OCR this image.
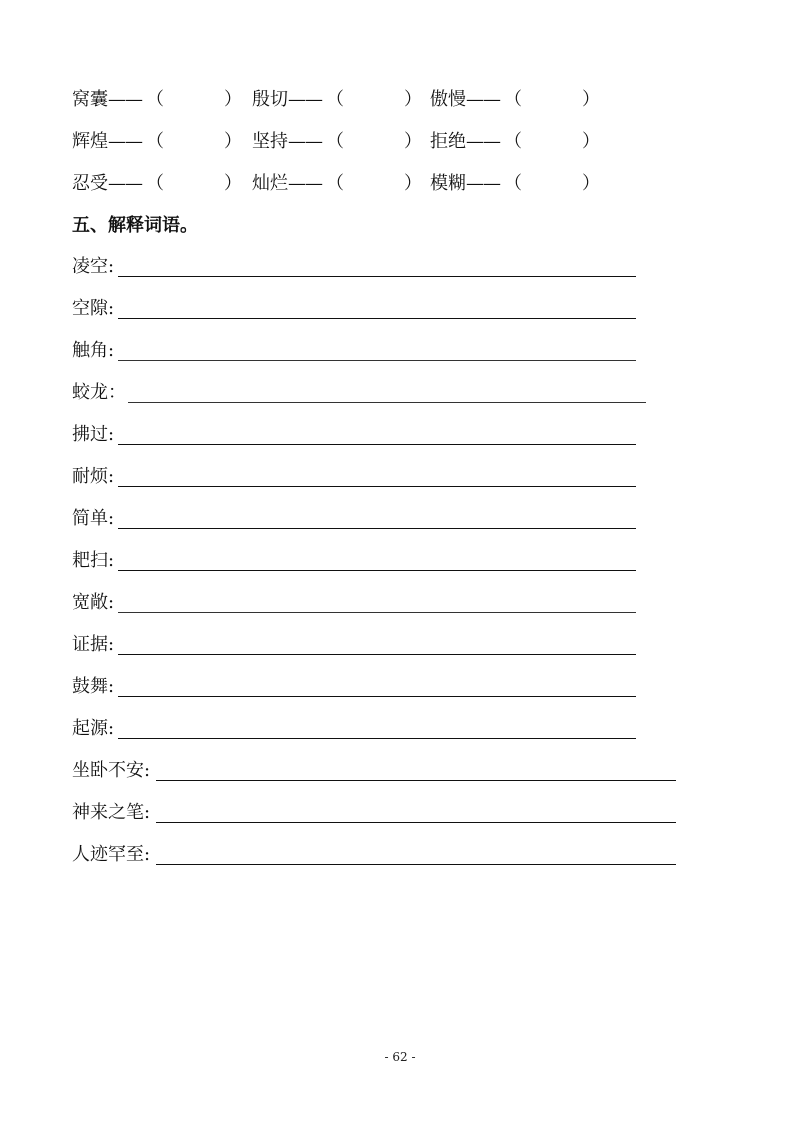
窝囊—— （	） 殷切—— （	） 傲慢—— （	）
辉煌—— （	） 坚持—— （	） 拒绝—— （	）
忍受—— （	） 灿烂—— （	） 模糊—— （	）
五、解释词语。
凌空:
空隙:
触角:
蛟龙：
拂过:
耐烦:
简单:
耙扫:
宽敞:
证据:
鼓舞:
起源:
坐卧不安:
神来之笔:
人迹罕至:
- 62 -
